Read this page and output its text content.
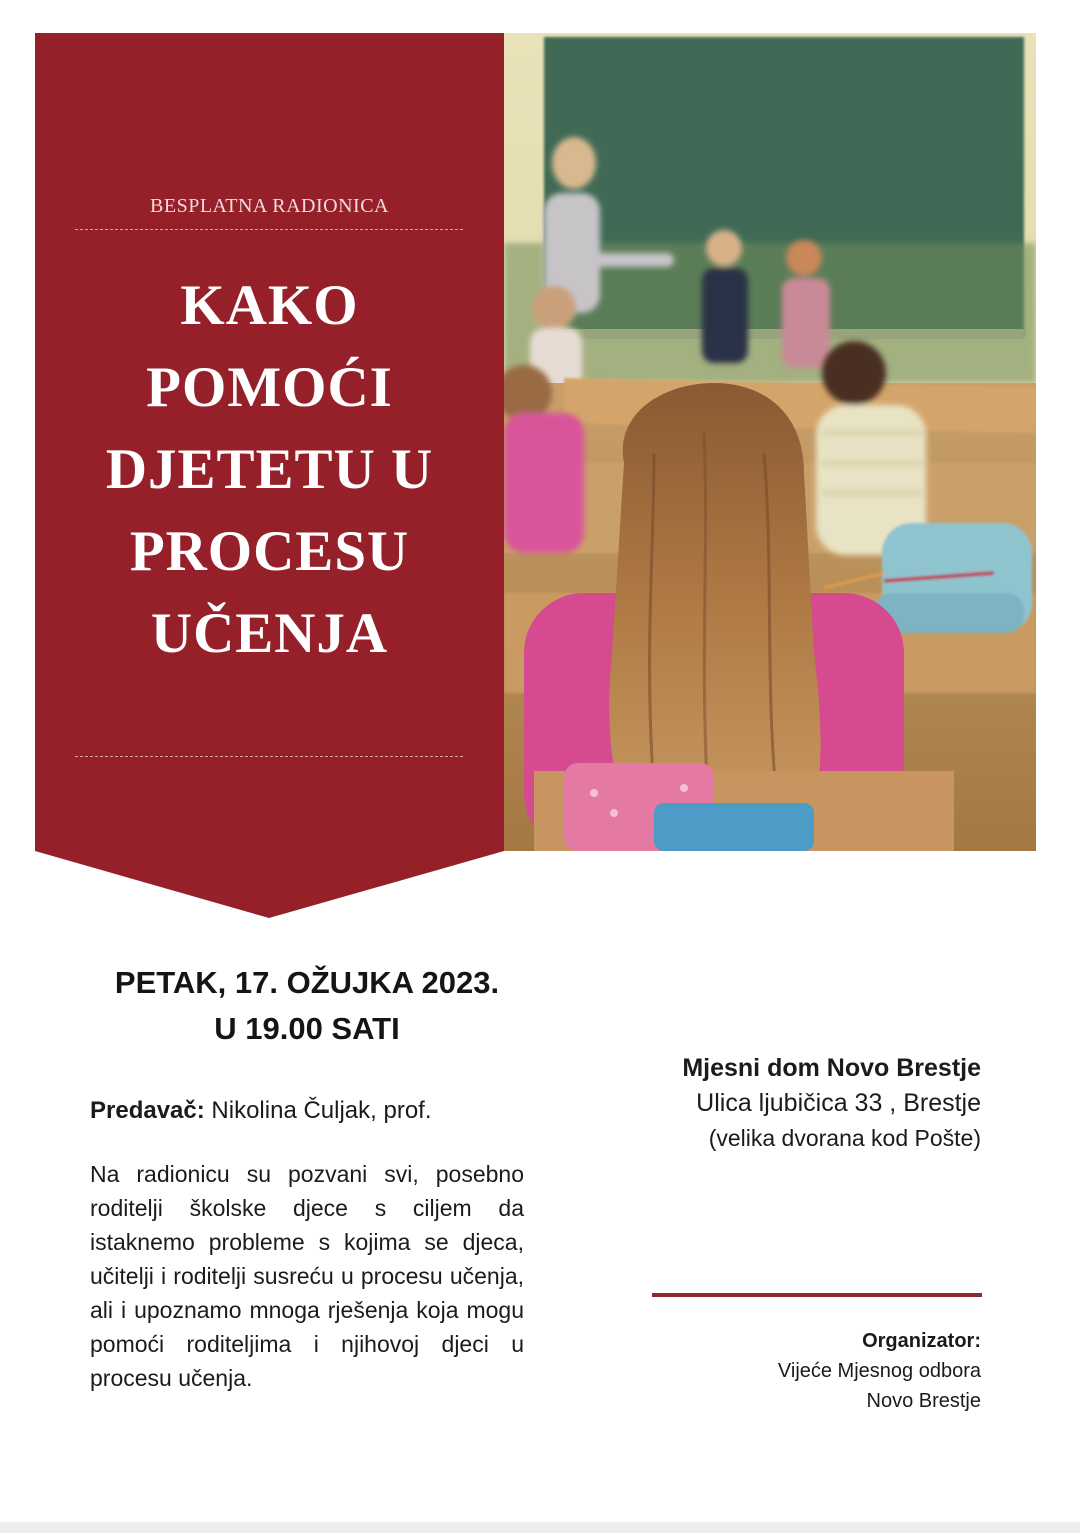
BESPLATNA RADIONICA
KAKO
POMOĆI
DJETETU U
PROCESU
UČENJA
PETAK, 17. OŽUJKA 2023.
U 19.00 SATI
Predavač: Nikolina Čuljak, prof.

Na radionicu su pozvani svi, posebno roditelji školske djece s ciljem da istaknemo probleme s kojima se djeca, učitelji i roditelji susreću u procesu učenja, ali i upoznamo mnoga rješenja koja mogu pomoći roditeljima i njihovoj djeci u procesu učenja.

Mjesni dom Novo Brestje
Ulica ljubičica 33 , Brestje
(velika dvorana kod Pošte)
Organizator:
Vijeće Mjesnog odbora
Novo Brestje
